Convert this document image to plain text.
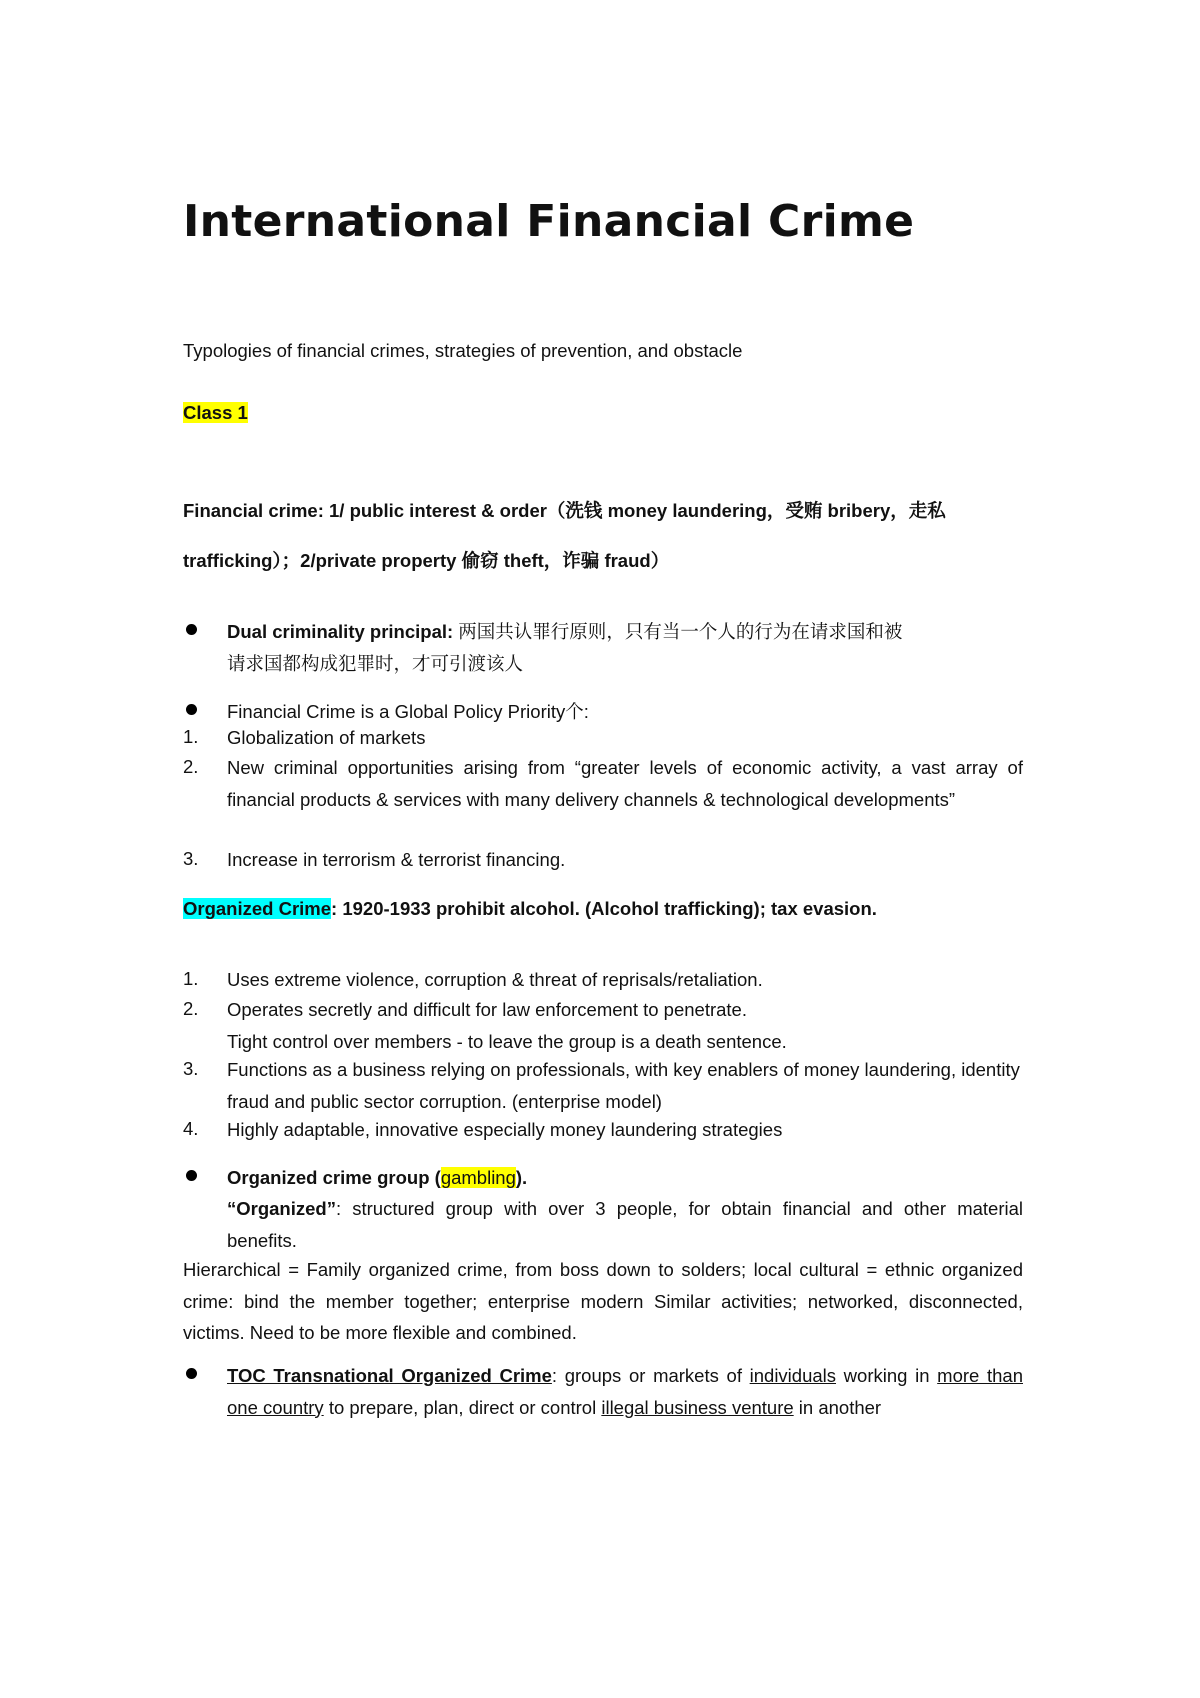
International Financial Crime
Typologies of financial crimes, strategies of prevention, and obstacle
Class 1
Financial crime: 1/ public interest & order（洗钱 money laundering，受贿 bribery，走私
trafficking）；2/private property 偷窃 theft，诈骗 fraud）
Dual criminality principal: 两国共认罪行原则，只有当一个人的行为在请求国和被
请求国都构成犯罪时，才可引渡该人
Financial Crime is a Global Policy Priority个:
1. Globalization of markets
2. New criminal opportunities arising from “greater levels of economic activity, a vast array of financial products & services with many delivery channels & technological developments”
3. Increase in terrorism & terrorist financing.
Organized Crime: 1920-1933 prohibit alcohol. (Alcohol trafficking); tax evasion.
1. Uses extreme violence, corruption & threat of reprisals/retaliation.
2. Operates secretly and difficult for law enforcement to penetrate.
Tight control over members - to leave the group is a death sentence.
3. Functions as a business relying on professionals, with key enablers of money laundering, identity fraud and public sector corruption. (enterprise model)
4. Highly adaptable, innovative especially money laundering strategies
Organized crime group (gambling).
“Organized”: structured group with over 3 people, for obtain financial and other material benefits.
Hierarchical = Family organized crime, from boss down to solders; local cultural = ethnic organized crime: bind the member together; enterprise modern Similar activities; networked, disconnected, victims. Need to be more flexible and combined.
TOC Transnational Organized Crime: groups or markets of individuals working in more than one country to prepare, plan, direct or control illegal business venture in another
